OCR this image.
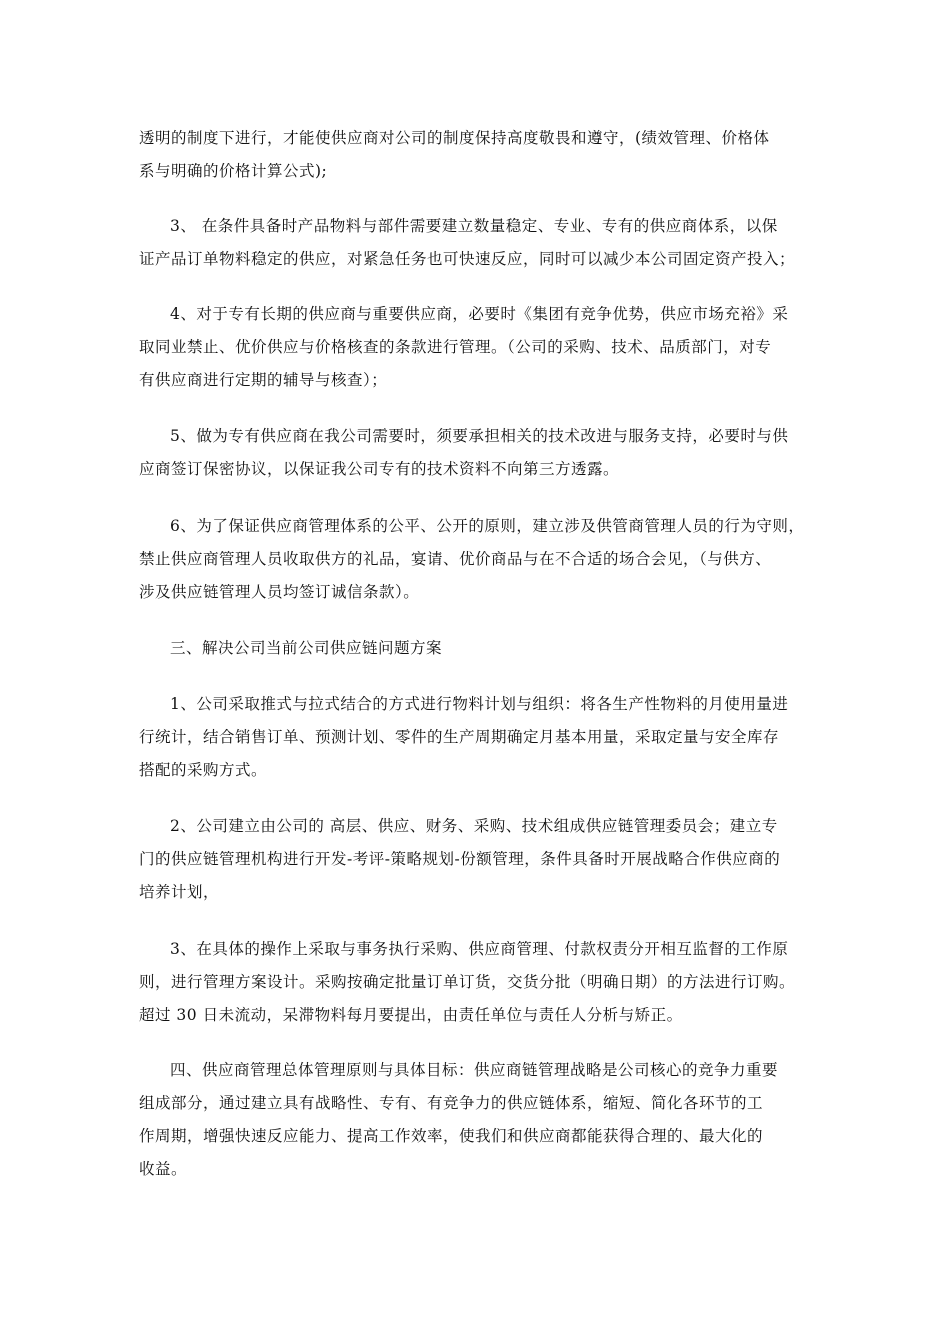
透明的制度下进行，才能使供应商对公司的制度保持高度敬畏和遵守，(绩效管理、价格体
系与明确的价格计算公式);
3、 在条件具备时产品物料与部件需要建立数量稳定、专业、专有的供应商体系，以保
证产品订单物料稳定的供应，对紧急任务也可快速反应，同时可以减少本公司固定资产投入；
4、对于专有长期的供应商与重要供应商，必要时《集团有竞争优势，供应市场充裕》采
取同业禁止、优价供应与价格核查的条款进行管理。（公司的采购、技术、品质部门，对专
有供应商进行定期的辅导与核查）；
5、做为专有供应商在我公司需要时，须要承担相关的技术改进与服务支持，必要时与供
应商签订保密协议，以保证我公司专有的技术资料不向第三方透露。
6、为了保证供应商管理体系的公平、公开的原则，建立涉及供管商管理人员的行为守则，
禁止供应商管理人员收取供方的礼品，宴请、优价商品与在不合适的场合会见，（与供方、
涉及供应链管理人员均签订诚信条款）。
三、解决公司当前公司供应链问题方案
1、公司采取推式与拉式结合的方式进行物料计划与组织：将各生产性物料的月使用量进
行统计，结合销售订单、预测计划、零件的生产周期确定月基本用量，采取定量与安全库存
搭配的采购方式。
2、公司建立由公司的 高层、供应、财务、采购、技术组成供应链管理委员会；建立专
门的供应链管理机构进行开发-考评-策略规划-份额管理，条件具备时开展战略合作供应商的
培养计划，
3、在具体的操作上采取与事务执行采购、供应商管理、付款权责分开相互监督的工作原
则，进行管理方案设计。采购按确定批量订单订货，交货分批（明确日期）的方法进行订购。
超过 30 日未流动，呆滞物料每月要提出，由责任单位与责任人分析与矫正。
四、供应商管理总体管理原则与具体目标：供应商链管理战略是公司核心的竞争力重要
组成部分，通过建立具有战略性、专有、有竞争力的供应链体系，缩短、简化各环节的工
作周期，增强快速反应能力、提高工作效率，使我们和供应商都能获得合理的、最大化的
收益。
